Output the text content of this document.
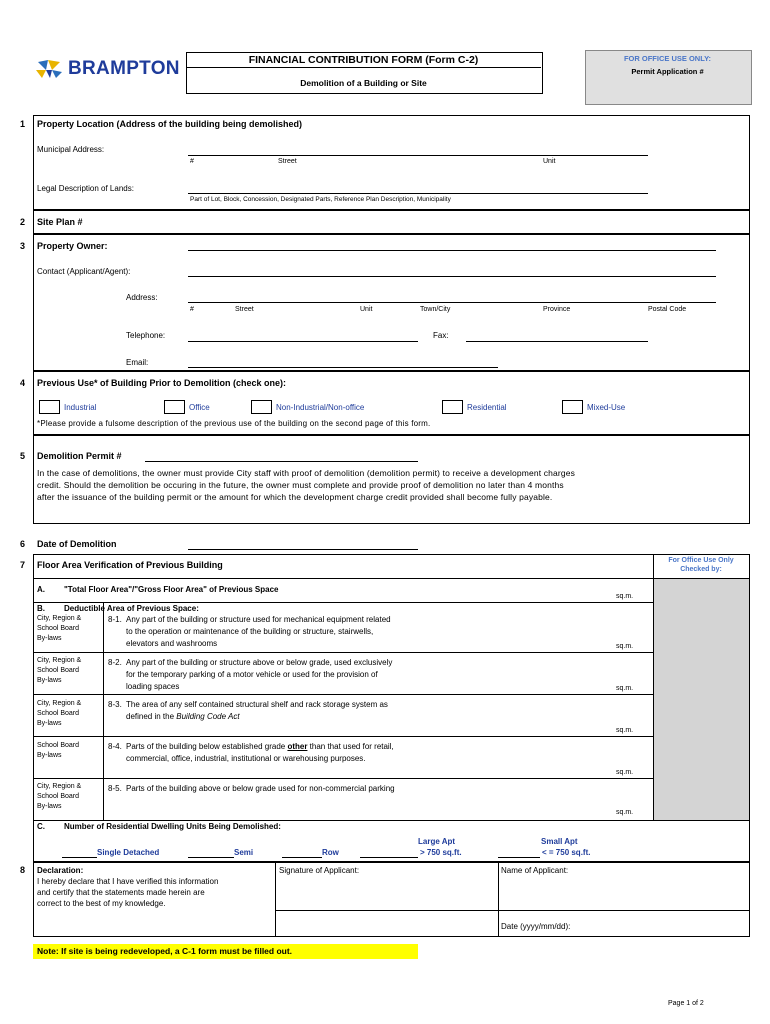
BRAMPTON	FINANCIAL CONTRIBUTION FORM (Form C-2)
Demolition of a Building or Site
FOR OFFICE USE ONLY:
Permit Application #
1 Property Location (Address of the building being demolished)
Municipal Address:
#	Street	Unit
Legal Description of Lands:
Part of Lot, Block, Concession, Designated Parts, Reference Plan Description, Municipality
2 Site Plan #
3 Property Owner:
Contact (Applicant/Agent):
Address:
#	Street	Unit	Town/City	Province	Postal Code
Telephone:	Fax:
Email:
4 Previous Use* of Building Prior to Demolition (check one):
Industrial	Office	Non-Industrial/Non-office	Residential	Mixed-Use
*Please provide a fulsome description of the previous use of the building on the second page of this form.
5 Demolition Permit #
In the case of demolitions, the owner must provide City staff with proof of demolition (demolition permit) to receive a development charges
credit. Should the demolition be occuring in the future, the owner must complete and provide proof of demolition no later than 4 months
after the issuance of the building permit or the amount for which the development charge credit provided shall become fully payable.
6 Date of Demolition
7 Floor Area Verification of Previous Building	For Office Use Only
Checked by:
A. "Total Floor Area"/"Gross Floor Area" of Previous Space
sq.m.
B. Deductible Area of Previous Space:
City, Region &
School Board
By-laws
8-1. Any part of the building or structure used for mechanical equipment related
to the operation or maintenance of the building or structure, stairwells,
elevators and washrooms	sq.m.
City, Region &
School Board
By-laws
8-2. Any part of the building or structure above or below grade, used exclusively
for the temporary parking of a motor vehicle or used for the provision of
loading spaces	sq.m.
City, Region &
School Board
By-laws
8-3. The area of any self contained structural shelf and rack storage system as
defined in the Building Code Act
sq.m.
School Board
By-laws
8-4. Parts of the building below established grade other than that used for retail,
commercial, office, industrial, institutional or warehousing purposes.
sq.m.
City, Region &
School Board
By-laws
8-5. Parts of the building above or below grade used for non-commercial parking
sq.m.
C. Number of Residential Dwelling Units Being Demolished:
Large Apt	Small Apt
Single Detached	Semi	Row	> 750 sq.ft.	< = 750 sq.ft.
8 Declaration:
I hereby declare that I have verified this information
and certify that the statements made herein are
correct to the best of my knowledge.
Signature of Applicant:	Name of Applicant:
Date (yyyy/mm/dd):
Note: If site is being redeveloped, a C-1 form must be filled out.
Page 1 of 2
